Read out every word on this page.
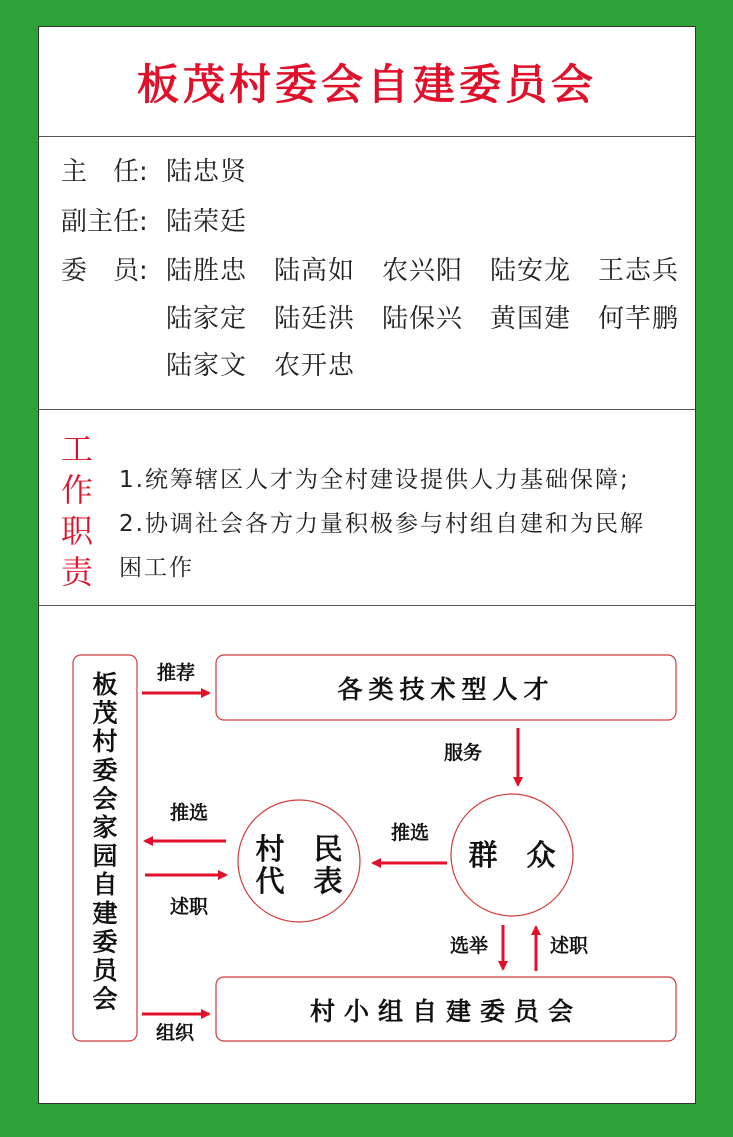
板茂村委会自建委员会
主　任: 陆忠贤
副主任: 陆荣廷
委　员: 陆胜忠　陆高如　农兴阳　陆安龙　王志兵
陆家定　陆廷洪　陆保兴　黄国建　何芊鹏
陆家文　农开忠
工
作
职
责
1.统筹辖区人才为全村建设提供人力基础保障;
2.协调社会各方力量积极参与村组自建和为民解
困工作
板
茂
村
委
会
家
园
自
建
委
员
会
各类技术型人才
村小组自建委员会
村　民
代　表
群　众
推荐
服务
推选
述职
推选
选举	述职
组织
